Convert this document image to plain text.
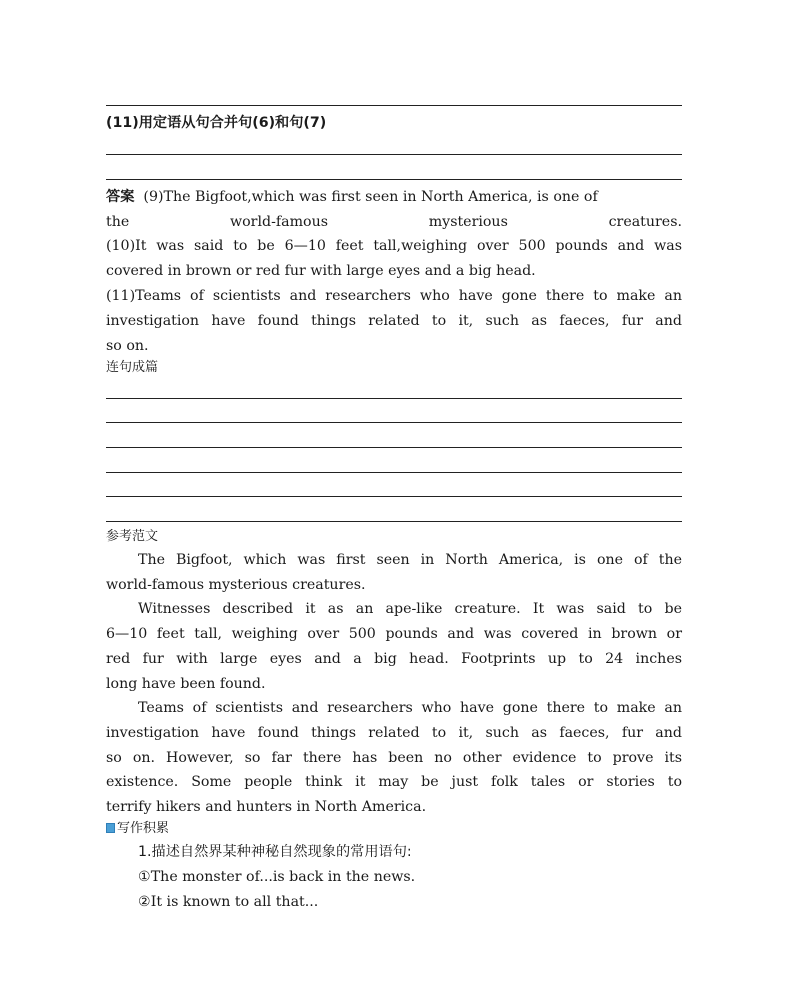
(11)用定语从句合并句(6)和句(7)
答案 (9)The Bigfoot,which was first seen in North America, is one of
the world-famous mysterious creatures.
(10)It was said to be 6—10 feet tall,weighing over 500 pounds and was
covered in brown or red fur with large eyes and a big head.
(11)Teams of scientists and researchers who have gone there to make an
investigation have found things related to it, such as faeces, fur and
so on.
连句成篇
参考范文
The Bigfoot, which was first seen in North America, is one of the
world-famous mysterious creatures.
Witnesses described it as an ape-like creature. It was said to be
6—10 feet tall, weighing over 500 pounds and was covered in brown or
red fur with large eyes and a big head. Footprints up to 24 inches
long have been found.
Teams of scientists and researchers who have gone there to make an
investigation have found things related to it, such as faeces, fur and
so on. However, so far there has been no other evidence to prove its
existence. Some people think it may be just folk tales or stories to
terrify hikers and hunters in North America.
写作积累
1.描述自然界某种神秘自然现象的常用语句:
①The monster of...is back in the news.
②It is known to all that...
